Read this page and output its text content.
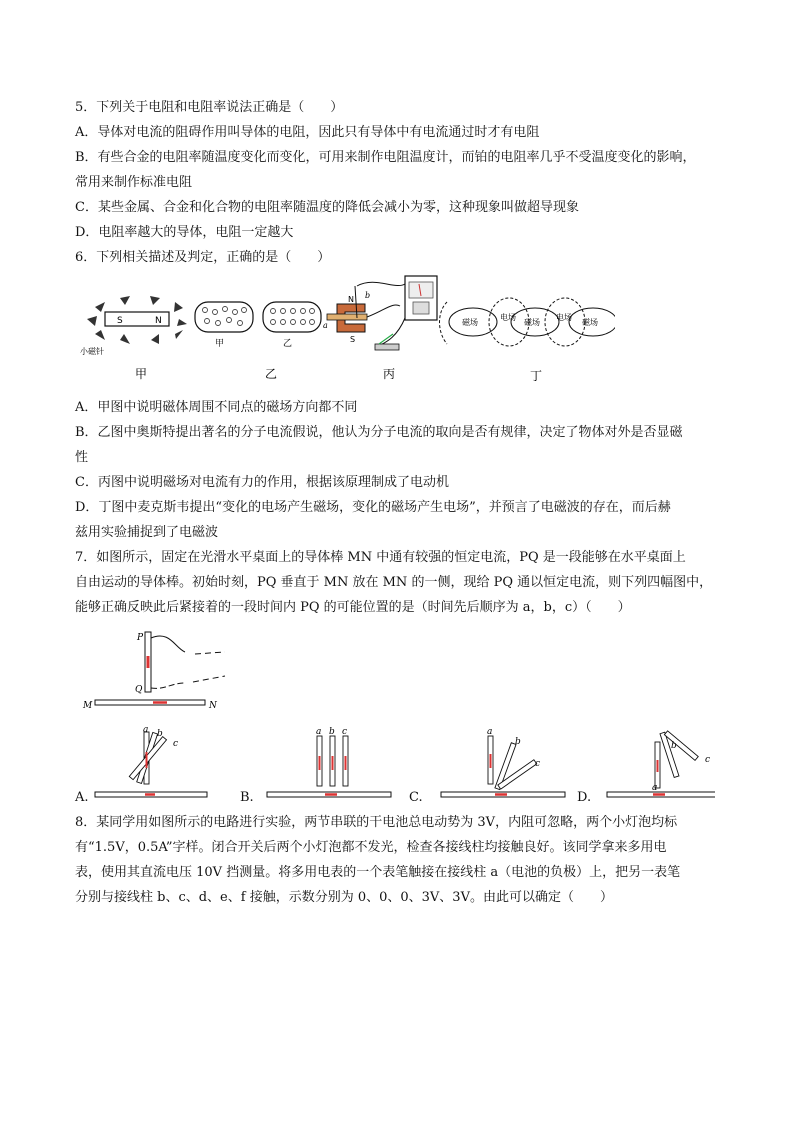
5．下列关于电阻和电阻率说法正确是（　　）
A．导体对电流的阻碍作用叫导体的电阻，因此只有导体中有电流通过时才有电阻
B．有些合金的电阻率随温度变化而变化，可用来制作电阻温度计，而铂的电阻率几乎不受温度变化的影响，
常用来制作标准电阻
C．某些金属、合金和化合物的电阻率随温度的降低会减小为零，这种现象叫做超导现象
D．电阻率越大的导体，电阻一定越大
6．下列相关描述及判定，正确的是（　　）
S	N
小磁针
甲	乙
N
S
a
b
磁场
电场
磁场
电场
磁场
甲	乙	丙	丁
A．甲图中说明磁体周围不同点的磁场方向都不同
B．乙图中奥斯特提出著名的分子电流假说，他认为分子电流的取向是否有规律，决定了物体对外是否显磁
性
C．丙图中说明磁场对电流有力的作用，根据该原理制成了电动机
D．丁图中麦克斯韦提出“变化的电场产生磁场，变化的磁场产生电场”，并预言了电磁波的存在，而后赫
兹用实验捕捉到了电磁波
7．如图所示，固定在光滑水平桌面上的导体棒 MN 中通有较强的恒定电流，PQ 是一段能够在水平桌面上
自由运动的导体棒。初始时刻，PQ 垂直于 MN 放在 MN 的一侧，现给 PQ 通以恒定电流，则下列四幅图中，
能够正确反映此后紧接着的一段时间内 PQ 的可能位置的是（时间先后顺序为 a，b，c）（　　）
P
Q
M	N
a b
c
a b c	a
b
c
a
b
c
A.	B.	C.	D.
8．某同学用如图所示的电路进行实验，两节串联的干电池总电动势为 3V，内阻可忽略，两个小灯泡均标
有“1.5V，0.5A”字样。闭合开关后两个小灯泡都不发光，检查各接线柱均接触良好。该同学拿来多用电
表，使用其直流电压 10V 挡测量。将多用电表的一个表笔触接在接线柱 a（电池的负极）上，把另一表笔
分别与接线柱 b、c、d、e、f 接触，示数分别为 0、0、0、3V、3V。由此可以确定（　　）
